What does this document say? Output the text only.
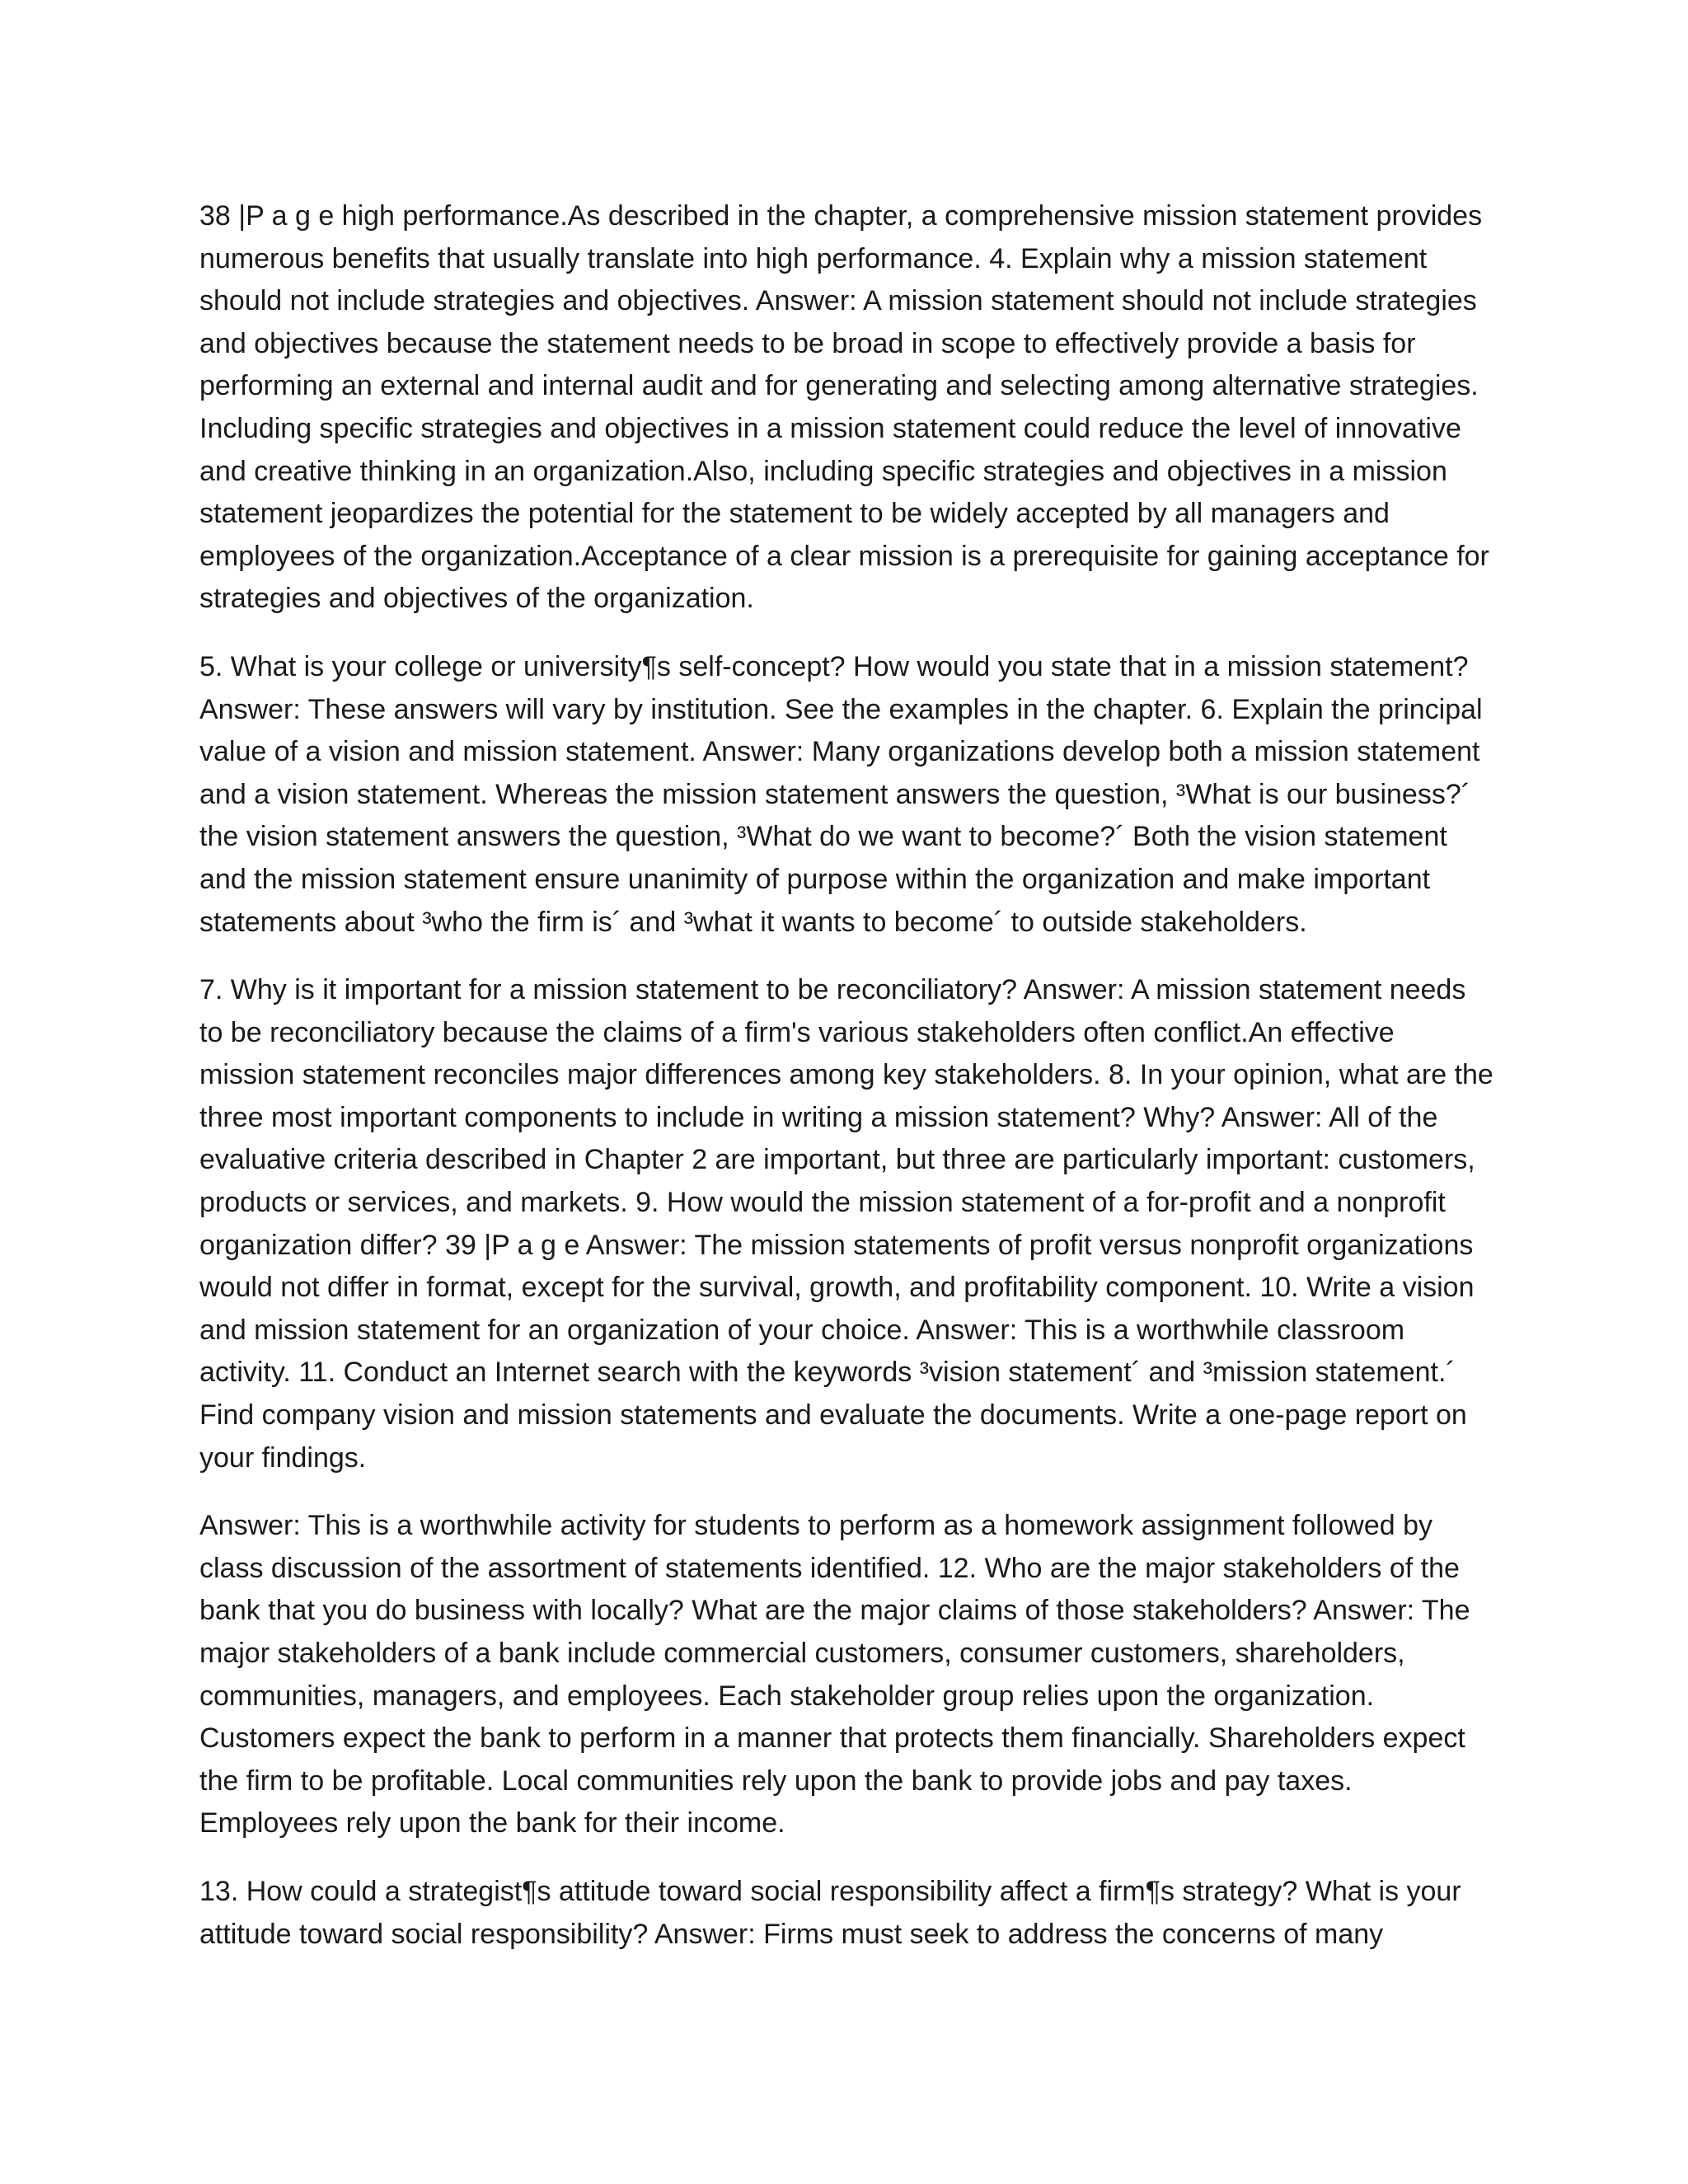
38 |P a g e high performance.As described in the chapter, a comprehensive mission statement provides numerous benefits that usually translate into high performance. 4. Explain why a mission statement should not include strategies and objectives. Answer: A mission statement should not include strategies and objectives because the statement needs to be broad in scope to effectively provide a basis for performing an external and internal audit and for generating and selecting among alternative strategies. Including specific strategies and objectives in a mission statement could reduce the level of innovative and creative thinking in an organization.Also, including specific strategies and objectives in a mission statement jeopardizes the potential for the statement to be widely accepted by all managers and employees of the organization.Acceptance of a clear mission is a prerequisite for gaining acceptance for strategies and objectives of the organization.

5. What is your college or university¶s self-concept? How would you state that in a mission statement? Answer: These answers will vary by institution. See the examples in the chapter. 6. Explain the principal value of a vision and mission statement. Answer: Many organizations develop both a mission statement and a vision statement. Whereas the mission statement answers the question, ³What is our business?´ the vision statement answers the question, ³What do we want to become?´ Both the vision statement and the mission statement ensure unanimity of purpose within the organization and make important statements about ³who the firm is´ and ³what it wants to become´ to outside stakeholders.

7. Why is it important for a mission statement to be reconciliatory? Answer: A mission statement needs to be reconciliatory because the claims of a firm's various stakeholders often conflict.An effective mission statement reconciles major differences among key stakeholders. 8. In your opinion, what are the three most important components to include in writing a mission statement? Why? Answer: All of the evaluative criteria described in Chapter 2 are important, but three are particularly important: customers, products or services, and markets. 9. How would the mission statement of a for-profit and a nonprofit organization differ? 39 |P a g e Answer: The mission statements of profit versus nonprofit organizations would not differ in format, except for the survival, growth, and profitability component. 10. Write a vision and mission statement for an organization of your choice. Answer: This is a worthwhile classroom activity. 11. Conduct an Internet search with the keywords ³vision statement´ and ³mission statement.´ Find company vision and mission statements and evaluate the documents. Write a one-page report on your findings.

Answer: This is a worthwhile activity for students to perform as a homework assignment followed by class discussion of the assortment of statements identified. 12. Who are the major stakeholders of the bank that you do business with locally? What are the major claims of those stakeholders? Answer: The major stakeholders of a bank include commercial customers, consumer customers, shareholders, communities, managers, and employees. Each stakeholder group relies upon the organization. Customers expect the bank to perform in a manner that protects them financially. Shareholders expect the firm to be profitable. Local communities rely upon the bank to provide jobs and pay taxes. Employees rely upon the bank for their income.

13. How could a strategist¶s attitude toward social responsibility affect a firm¶s strategy? What is your attitude toward social responsibility? Answer: Firms must seek to address the concerns of many
